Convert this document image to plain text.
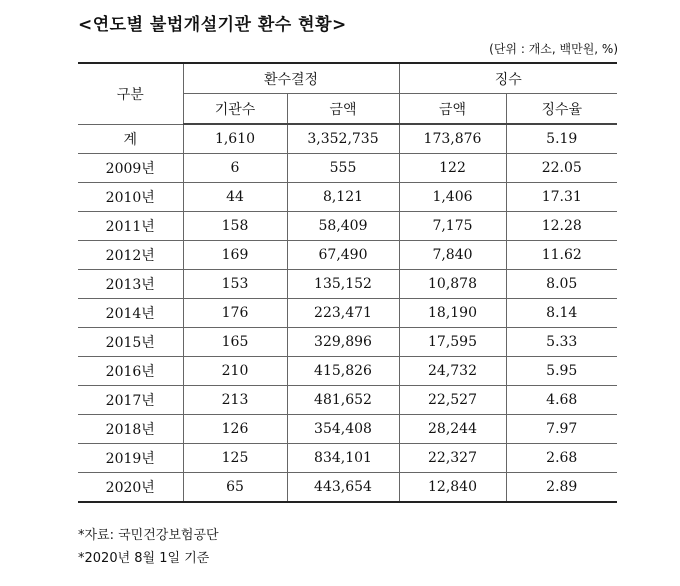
<연도별 불법개설기관 환수 현황>
(단위 : 개소, 백만원, %)
구분	환수결정		징수	
	기관수	금액	금액	징수율
계	1,610	3,352,735	173,876	5.19
2009년	6	555	122	22.05
2010년	44	8,121	1,406	17.31
2011년	158	58,409	7,175	12.28
2012년	169	67,490	7,840	11.62
2013년	153	135,152	10,878	8.05
2014년	176	223,471	18,190	8.14
2015년	165	329,896	17,595	5.33
2016년	210	415,826	24,732	5.95
2017년	213	481,652	22,527	4.68
2018년	126	354,408	28,244	7.97
2019년	125	834,101	22,327	2.68
2020년	65	443,654	12,840	2.89
*자료: 국민건강보험공단
*2020년 8월 1일 기준
